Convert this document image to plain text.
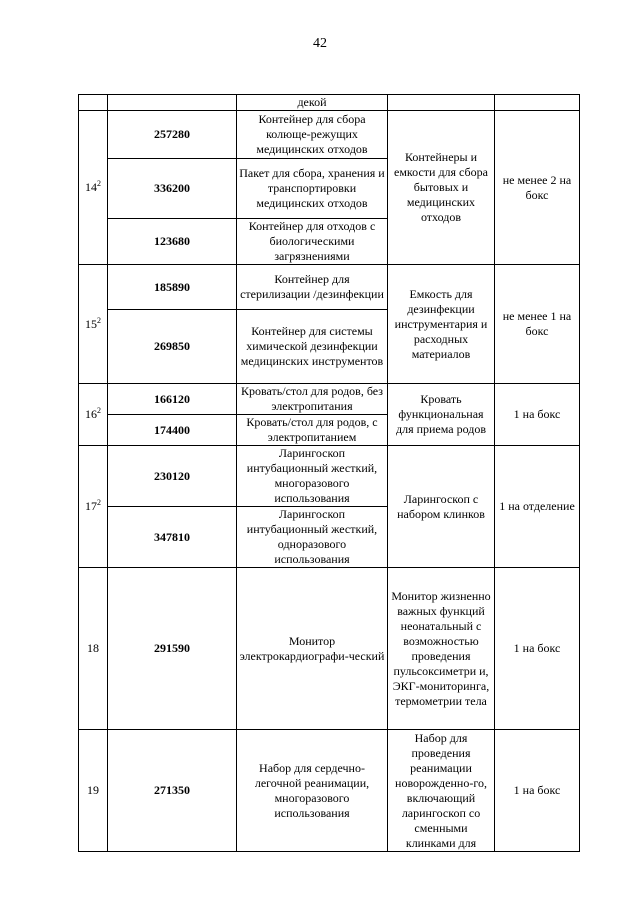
42
		декой		
$14^2$	257280	Контейнер для сбора колюще-режущих медицинских отходов	Контейнеры и емкости для сбора бытовых и медицинских отходов	не менее 2 на бокс
	336200	Пакет для сбора, хранения и транспортировки медицинских отходов		
	123680	Контейнер для отходов с биологическими загрязнениями		
$15^2$	185890	Контейнер для стерилизации /дезинфекции	Емкость для дезинфекции инструментария и расходных материалов	не менее 1 на бокс
	269850	Контейнер для системы химической дезинфекции медицинских инструментов		
$16^2$	166120	Кровать/стол для родов, без электропитания	Кровать функциональная для приема родов	1 на бокс
	174400	Кровать/стол для родов, с электропитанием		
$17^2$	230120	Ларингоскоп интубационный жесткий, многоразового использования	Ларингоскоп с набором клинков	1 на отделение
	347810	Ларингоскоп интубационный жесткий, одноразового использования		
18	291590	Монитор электрокардиографи-ческий	Монитор жизненно важных функций неонатальный с возможностью проведения пульсоксиметри и, ЭКГ-мониторинга, термометрии тела	1 на бокс
19	271350	Набор для сердечно-легочной реанимации, многоразового использования	Набор для проведения реанимации новорожденно-го, включающий ларингоскоп со сменными клинками для	1 на бокс
